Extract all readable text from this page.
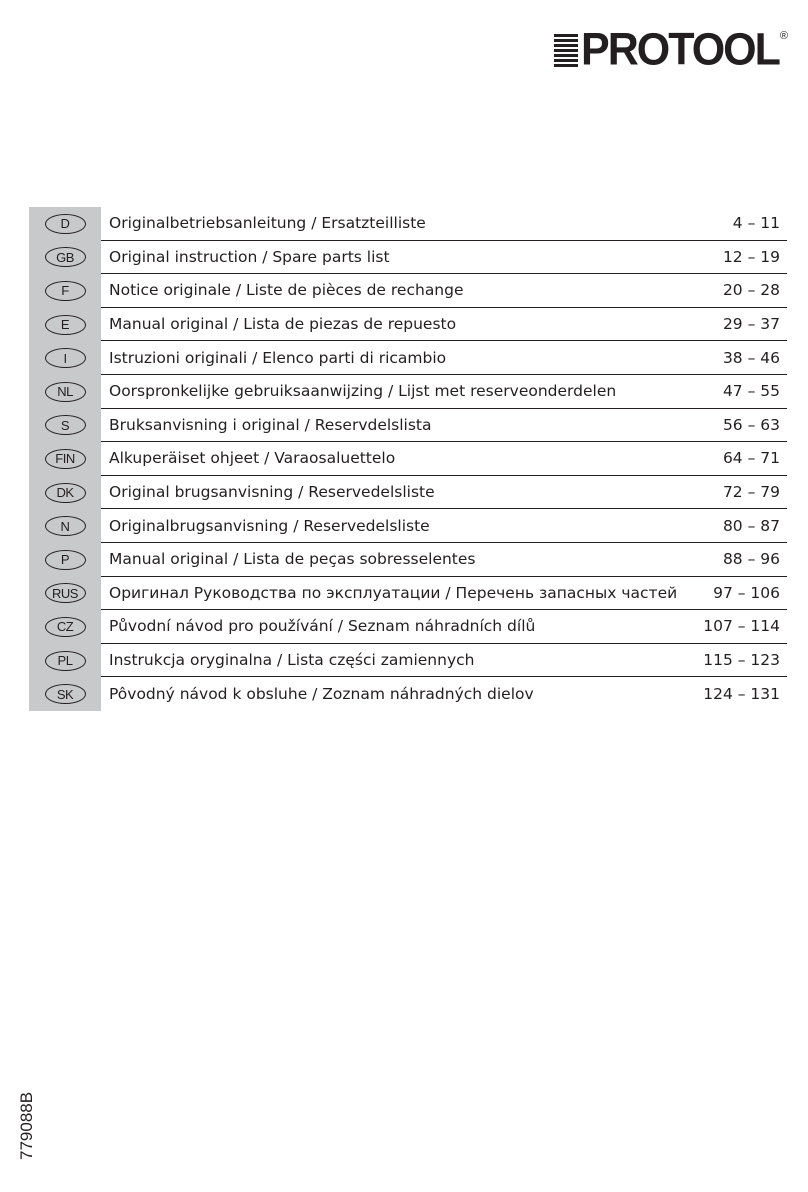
PROTOOL ®
D	Originalbetriebsanleitung / Ersatzteilliste	4 – 11
GB	Original instruction / Spare parts list	12 – 19
F	Notice originale / Liste de pièces de rechange	20 – 28
E	Manual original / Lista de piezas de repuesto	29 – 37
I	Istruzioni originali / Elenco parti di ricambio	38 – 46
NL	Oorspronkelijke gebruiksaanwijzing / Lijst met reserveonderdelen	47 – 55
S	Bruksanvisning i original / Reservdelslista	56 – 63
FIN	Alkuperäiset ohjeet / Varaosaluettelo	64 – 71
DK	Original brugsanvisning / Reservedelsliste	72 – 79
N	Originalbrugsanvisning / Reservedelsliste	80 – 87
P	Manual original / Lista de peças sobresselentes	88 – 96
RUS	Оригинал Руководства по эксплуатации / Перечень запасных частей 97 – 106
CZ	Původní návod pro používání / Seznam náhradních dílů	107 – 114
PL	Instrukcja oryginalna / Lista części zamiennych	115 – 123
SK	Pôvodný návod k obsluhe / Zoznam náhradných dielov	124 – 131
779088B
